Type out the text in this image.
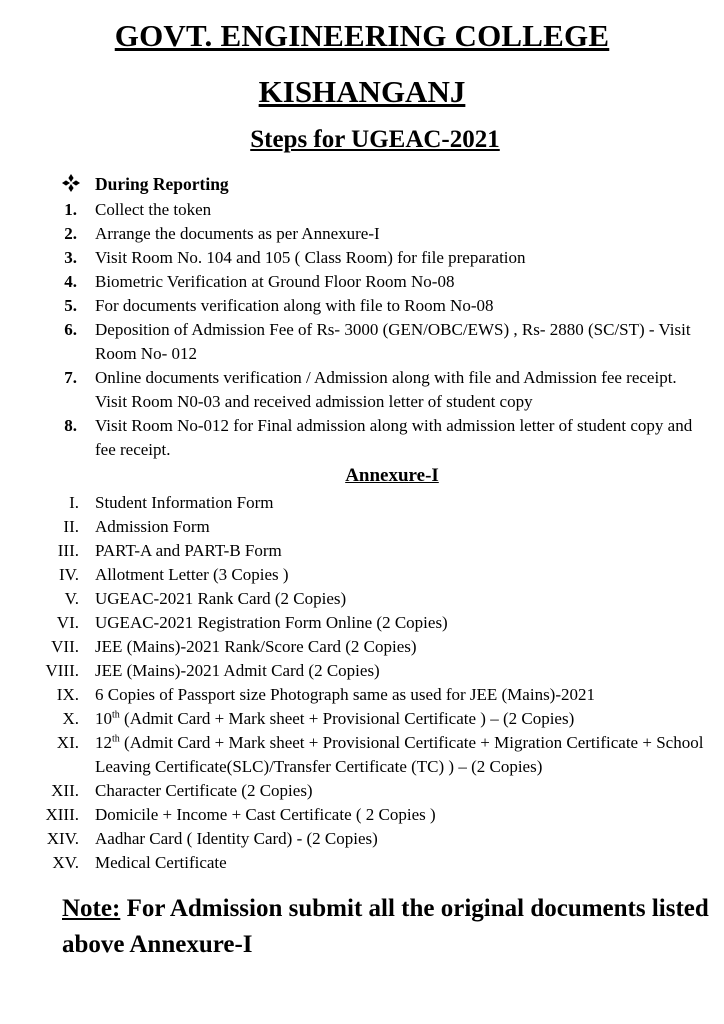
GOVT. ENGINEERING COLLEGE
KISHANGANJ
Steps for UGEAC-2021
During Reporting
1. Collect the token
2. Arrange the documents as per Annexure-I
3. Visit Room No. 104 and 105 ( Class Room) for file preparation
4. Biometric Verification at Ground Floor Room No-08
5. For documents verification along with file to Room No-08
6. Deposition of Admission Fee of Rs- 3000 (GEN/OBC/EWS) , Rs- 2880 (SC/ST) - Visit Room No- 012
7. Online documents verification / Admission along with file and Admission fee receipt. Visit Room N0-03 and received admission letter of student copy
8. Visit Room No-012 for Final admission along with admission letter of student copy and fee receipt.
Annexure-I
I. Student Information Form
II. Admission Form
III. PART-A and PART-B Form
IV. Allotment Letter (3 Copies )
V. UGEAC-2021 Rank Card (2 Copies)
VI. UGEAC-2021 Registration Form Online (2 Copies)
VII. JEE (Mains)-2021 Rank/Score Card (2 Copies)
VIII. JEE (Mains)-2021 Admit Card (2 Copies)
IX. 6 Copies of Passport size Photograph same as used for JEE (Mains)-2021
X. 10th (Admit Card + Mark sheet + Provisional Certificate ) – (2 Copies)
XI. 12th (Admit Card + Mark sheet + Provisional Certificate + Migration Certificate + School Leaving Certificate(SLC)/Transfer Certificate (TC) ) – (2 Copies)
XII. Character Certificate (2 Copies)
XIII. Domicile + Income + Cast Certificate ( 2 Copies )
XIV. Aadhar Card ( Identity Card) - (2 Copies)
XV. Medical Certificate
Note: For Admission submit all the original documents listed above Annexure-I
